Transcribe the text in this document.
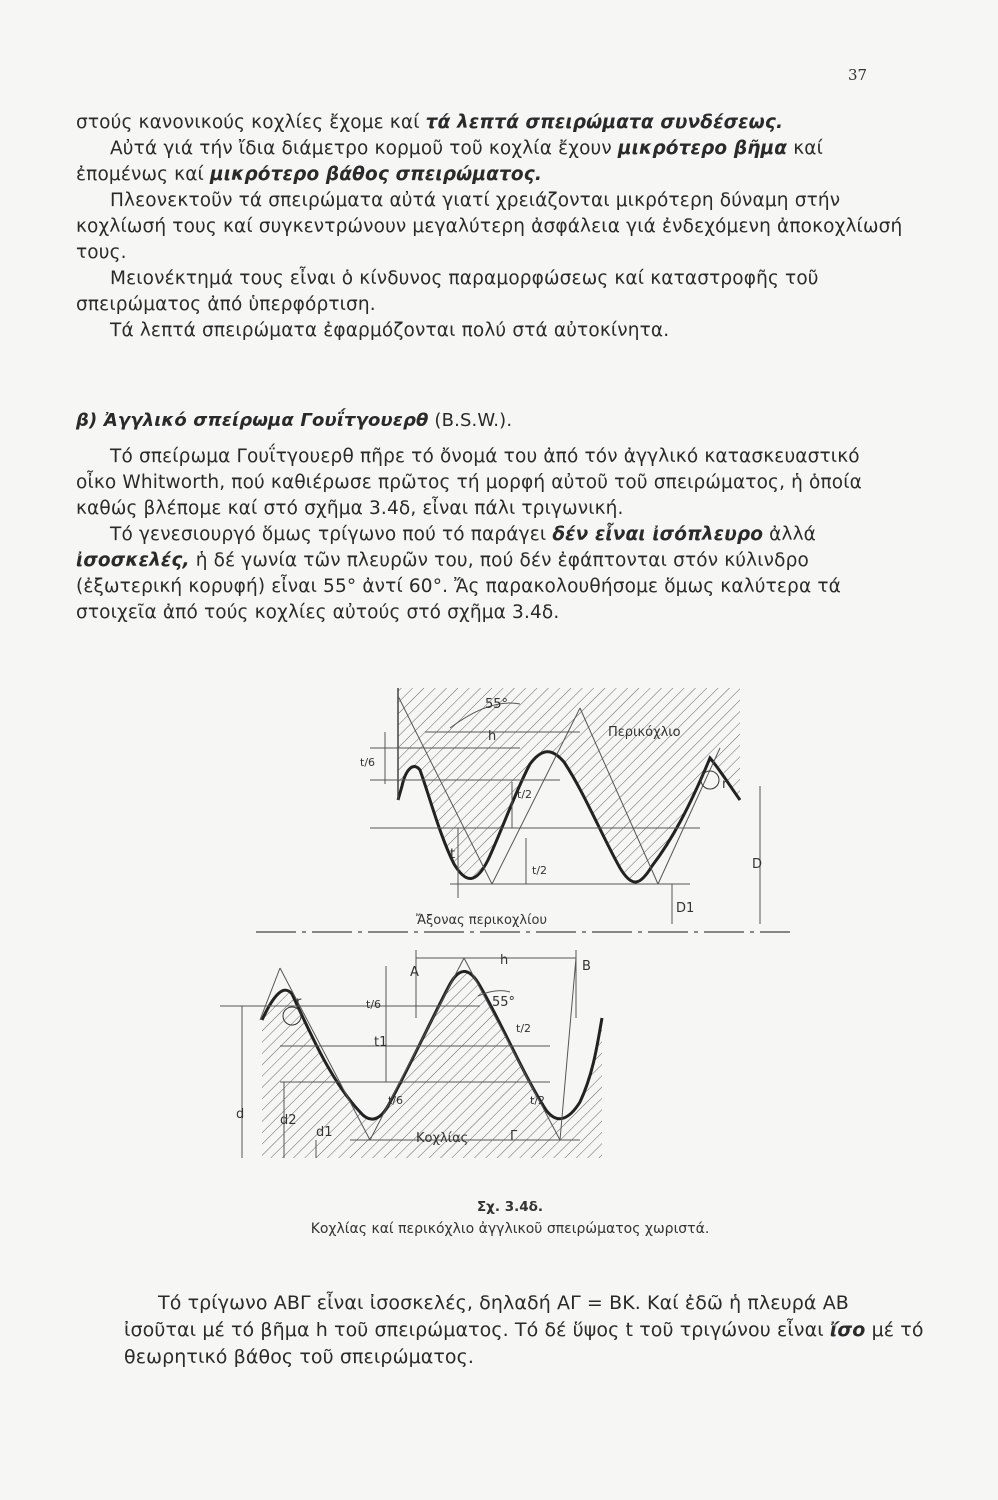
37

στούς κανονικούς κοχλίες ἔχομε καί τά λεπτά σπειρώματα συνδέσεως.

Αὐτά γιά τήν ἴδια διάμετρο κορμοῦ τοῦ κοχλία ἔχουν μικρότερο βῆμα καί ἐπομένως καί μικρότερο βάθος σπειρώματος.

Πλεονεκτοῦν τά σπειρώματα αὐτά γιατί χρειάζονται μικρότερη δύναμη στήν κοχλίωσή τους καί συγκεντρώνουν μεγαλύτερη ἀσφάλεια γιά ἐνδεχόμενη ἀποκοχλίωσή τους.

Μειονέκτημά τους εἶναι ὁ κίνδυνος παραμορφώσεως καί καταστροφῆς τοῦ σπειρώματος ἀπό ὑπερφόρτιση.

Τά λεπτά σπειρώματα ἐφαρμόζονται πολύ στά αὐτοκίνητα.

β) Ἀγγλικό σπείρωμα Γουΐτγουερθ (B.S.W.).

Τό σπείρωμα Γουΐτγουερθ πῆρε τό ὄνομά του ἀπό τόν ἀγγλικό κατασκευαστικό οἶκο Whitworth, πού καθιέρωσε πρῶτος τή μορφή αὐτοῦ τοῦ σπειρώματος, ἡ ὁποία καθώς βλέπομε καί στό σχῆμα 3.4δ, εἶναι πάλι τριγωνική.

Τό γενεσιουργό ὅμως τρίγωνο πού τό παράγει δέν εἶναι ἰσόπλευρο ἀλλά ἰσοσκελές, ἡ δέ γωνία τῶν πλευρῶν του, πού δέν ἐφάπτονται στόν κύλινδρο (ἐξωτερική κορυφή) εἶναι 55° ἀντί 60°. Ἄς παρακολουθήσομε ὅμως καλύτερα τά στοιχεῖα ἀπό τούς κοχλίες αὐτούς στό σχῆμα 3.4δ.

55°
h	Περικόχλιο
t/6
t/2
r
t
t/2	D
D1
Ἄξονας περικοχλίου
A
h	B
r	t/6	55°
t/2
t1
t/6	t/2
d	d2
d1	Κοχλίας	Γ
Σχ. 3.4δ.
Κοχλίας καί περικόχλιο ἀγγλικοῦ σπειρώματος χωριστά.

Τό τρίγωνο ΑΒΓ εἶναι ἰσοσκελές, δηλαδή ΑΓ = ΒΚ. Καί ἐδῶ ἡ πλευρά ΑΒ ἰσοῦται μέ τό βῆμα h τοῦ σπειρώματος. Τό δέ ὕψος t τοῦ τριγώνου εἶναι ἴσο μέ τό θεωρητικό βάθος τοῦ σπειρώματος.
